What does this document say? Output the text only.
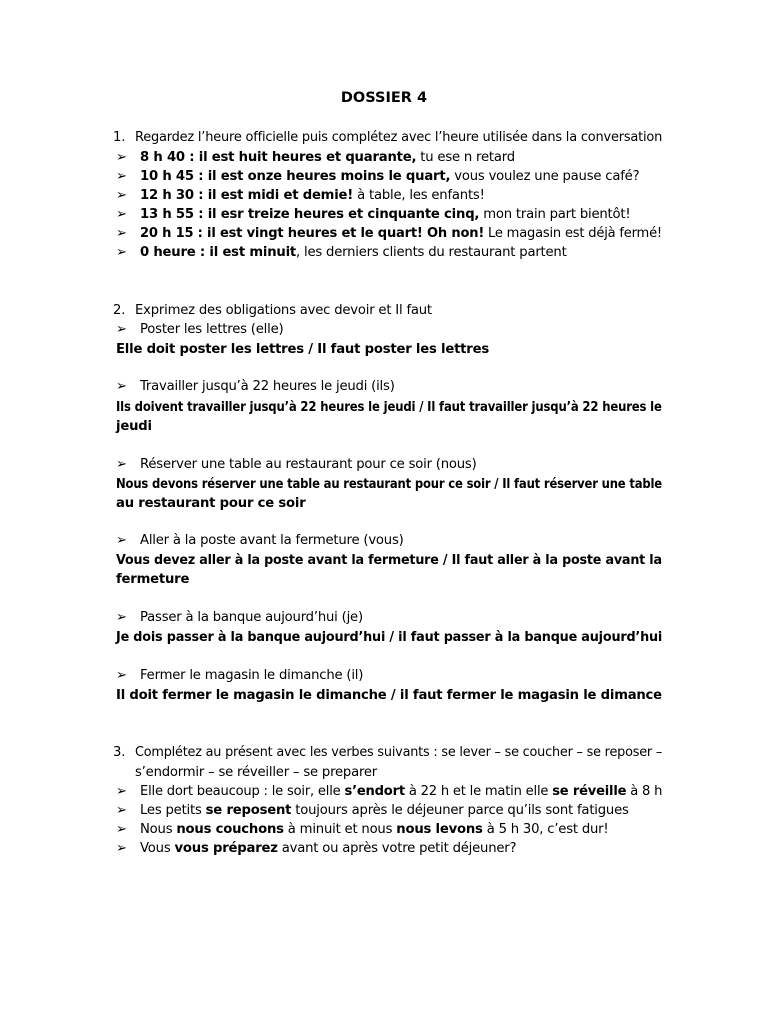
DOSSIER 4
1. Regardez l’heure officielle puis complétez avec l’heure utilisée dans la conversation
➢ 8 h 40 : il est huit heures et quarante, tu ese n retard
➢ 10 h 45 : il est onze heures moins le quart, vous voulez une pause café?
➢ 12 h 30 : il est midi et demie! à table, les enfants!
➢ 13 h 55 : il esr treize heures et cinquante cinq, mon train part bientôt!
➢ 20 h 15 : il est vingt heures et le quart! Oh non! Le magasin est déjà fermé!
➢ 0 heure : il est minuit, les derniers clients du restaurant partent
2. Exprimez des obligations avec devoir et Il faut
➢ Poster les lettres (elle)
Elle doit poster les lettres / Il faut poster les lettres
➢ Travailler jusqu’à 22 heures le jeudi (ils)
Ils doivent travailler jusqu’à 22 heures le jeudi / Il faut travailler jusqu’à 22 heures le
jeudi
➢ Réserver une table au restaurant pour ce soir (nous)
Nous devons réserver une table au restaurant pour ce soir / Il faut réserver une table
au restaurant pour ce soir
➢ Aller à la poste avant la fermeture (vous)
Vous devez aller à la poste avant la fermeture / Il faut aller à la poste avant la
fermeture
➢ Passer à la banque aujourd’hui (je)
Je dois passer à la banque aujourd’hui / il faut passer à la banque aujourd’hui
➢ Fermer le magasin le dimanche (il)
Il doit fermer le magasin le dimanche / il faut fermer le magasin le dimance
3. Complétez au présent avec les verbes suivants : se lever – se coucher – se reposer –
s’endormir – se réveiller – se preparer
➢ Elle dort beaucoup : le soir, elle s’endort à 22 h et le matin elle se réveille à 8 h
➢ Les petits se reposent toujours après le déjeuner parce qu’ils sont fatigues
➢ Nous nous couchons à minuit et nous nous levons à 5 h 30, c’est dur!
➢ Vous vous préparez avant ou après votre petit déjeuner?
